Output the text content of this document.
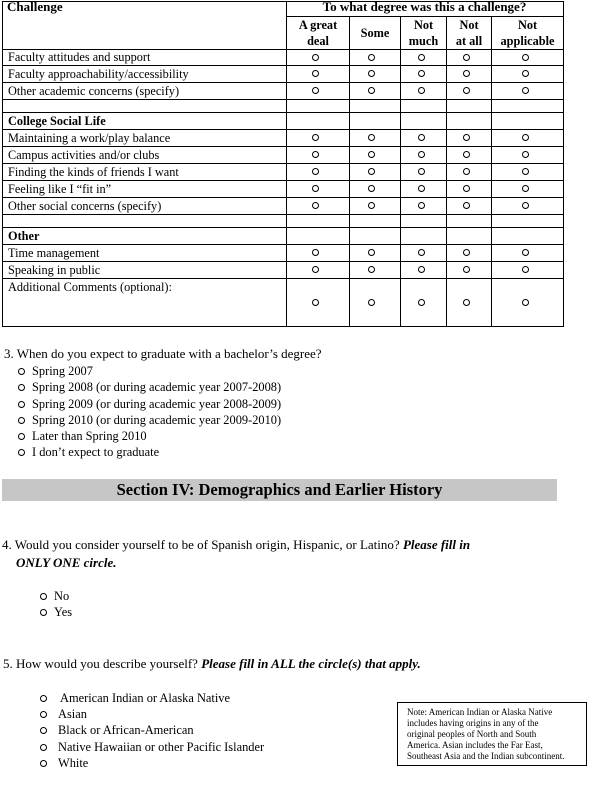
Challenge	To what degree was this a challenge?
A great
deal
Some
Not
much
Not
at all
Not
applicable
Faculty attitudes and support
Faculty approachability/accessibility
Other academic concerns (specify)
College Social Life
Maintaining a work/play balance
Campus activities and/or clubs
Finding the kinds of friends I want
Feeling like I “fit in”
Other social concerns (specify)
Other
Time management
Speaking in public
Additional Comments (optional):
3. When do you expect to graduate with a bachelor’s degree?
Spring 2007
Spring 2008 (or during academic year 2007-2008)
Spring 2009 (or during academic year 2008-2009)
Spring 2010 (or during academic year 2009-2010)
Later than Spring 2010
I don’t expect to graduate
Section IV: Demographics and Earlier History
4. Would you consider yourself to be of Spanish origin, Hispanic, or Latino? Please fill in
ONLY ONE circle.
No
Yes
5. How would you describe yourself? Please fill in ALL the circle(s) that apply.
American Indian or Alaska Native
Asian
Black or African-American
Native Hawaiian or other Pacific Islander
White
Note: American Indian or Alaska Native
includes having origins in any of the
original peoples of North and South
America. Asian includes the Far East,
Southeast Asia and the Indian subcontinent.
